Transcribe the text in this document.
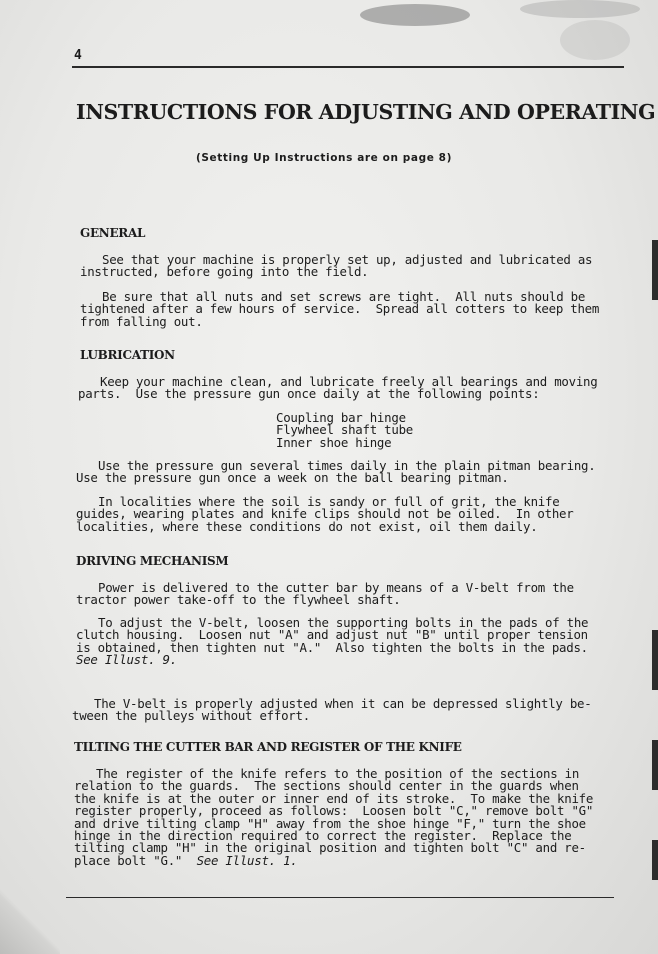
4
INSTRUCTIONS FOR ADJUSTING AND OPERATING
(Setting Up Instructions are on page 8)
GENERAL
See that your machine is properly set up, adjusted and lubricated as
instructed, before going into the field.
Be sure that all nuts and set screws are tight.  All nuts should be
tightened after a few hours of service.  Spread all cotters to keep them
from falling out.
LUBRICATION
Keep your machine clean, and lubricate freely all bearings and moving
parts.  Use the pressure gun once daily at the following points:
Coupling bar hinge
Flywheel shaft tube
Inner shoe hinge
Use the pressure gun several times daily in the plain pitman bearing.
Use the pressure gun once a week on the ball bearing pitman.
In localities where the soil is sandy or full of grit, the knife
guides, wearing plates and knife clips should not be oiled.  In other
localities, where these conditions do not exist, oil them daily.
DRIVING MECHANISM
Power is delivered to the cutter bar by means of a V-belt from the
tractor power take-off to the flywheel shaft.
To adjust the V-belt, loosen the supporting bolts in the pads of the
clutch housing.  Loosen nut "A" and adjust nut "B" until proper tension
is obtained, then tighten nut "A."  Also tighten the bolts in the pads.
See Illust. 9.
The V-belt is properly adjusted when it can be depressed slightly be-
tween the pulleys without effort.
TILTING THE CUTTER BAR AND REGISTER OF THE KNIFE
The register of the knife refers to the position of the sections in
relation to the guards.  The sections should center in the guards when
the knife is at the outer or inner end of its stroke.  To make the knife
register properly, proceed as follows:  Loosen bolt "C," remove bolt "G"
and drive tilting clamp "H" away from the shoe hinge "F," turn the shoe
hinge in the direction required to correct the register.  Replace the
tilting clamp "H" in the original position and tighten bolt "C" and re-
place bolt "G." See Illust. 1.
